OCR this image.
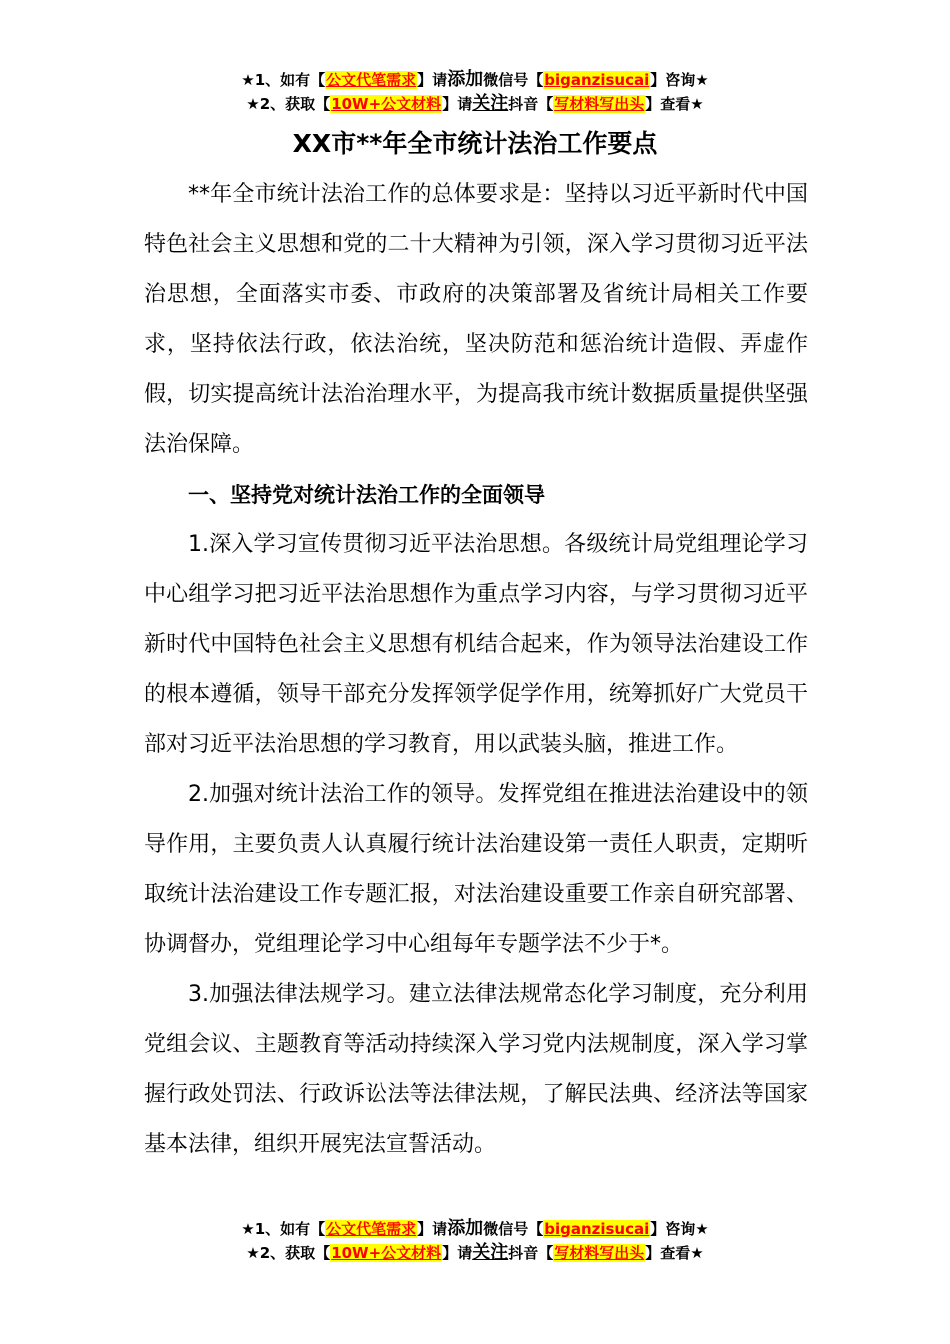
★1、如有【公文代笔需求】请添加微信号【biganzisucai】咨询★
★2、获取【10W+公文材料】请关注抖音【写材料写出头】查看★
XX市**年全市统计法治工作要点

**年全市统计法治工作的总体要求是：坚持以习近平新时代中国特色社会主义思想和党的二十大精神为引领，深入学习贯彻习近平法治思想，全面落实市委、市政府的决策部署及省统计局相关工作要求，坚持依法行政，依法治统，坚决防范和惩治统计造假、弄虚作假，切实提高统计法治治理水平，为提高我市统计数据质量提供坚强法治保障。

一、坚持党对统计法治工作的全面领导

1.深入学习宣传贯彻习近平法治思想。各级统计局党组理论学习中心组学习把习近平法治思想作为重点学习内容，与学习贯彻习近平新时代中国特色社会主义思想有机结合起来，作为领导法治建设工作的根本遵循，领导干部充分发挥领学促学作用，统筹抓好广大党员干部对习近平法治思想的学习教育，用以武装头脑，推进工作。

2.加强对统计法治工作的领导。发挥党组在推进法治建设中的领导作用，主要负责人认真履行统计法治建设第一责任人职责，定期听取统计法治建设工作专题汇报，对法治建设重要工作亲自研究部署、协调督办，党组理论学习中心组每年专题学法不少于*。

3.加强法律法规学习。建立法律法规常态化学习制度，充分利用党组会议、主题教育等活动持续深入学习党内法规制度，深入学习掌握行政处罚法、行政诉讼法等法律法规，了解民法典、经济法等国家基本法律，组织开展宪法宣誓活动。

★1、如有【公文代笔需求】请添加微信号【biganzisucai】咨询★
★2、获取【10W+公文材料】请关注抖音【写材料写出头】查看★
